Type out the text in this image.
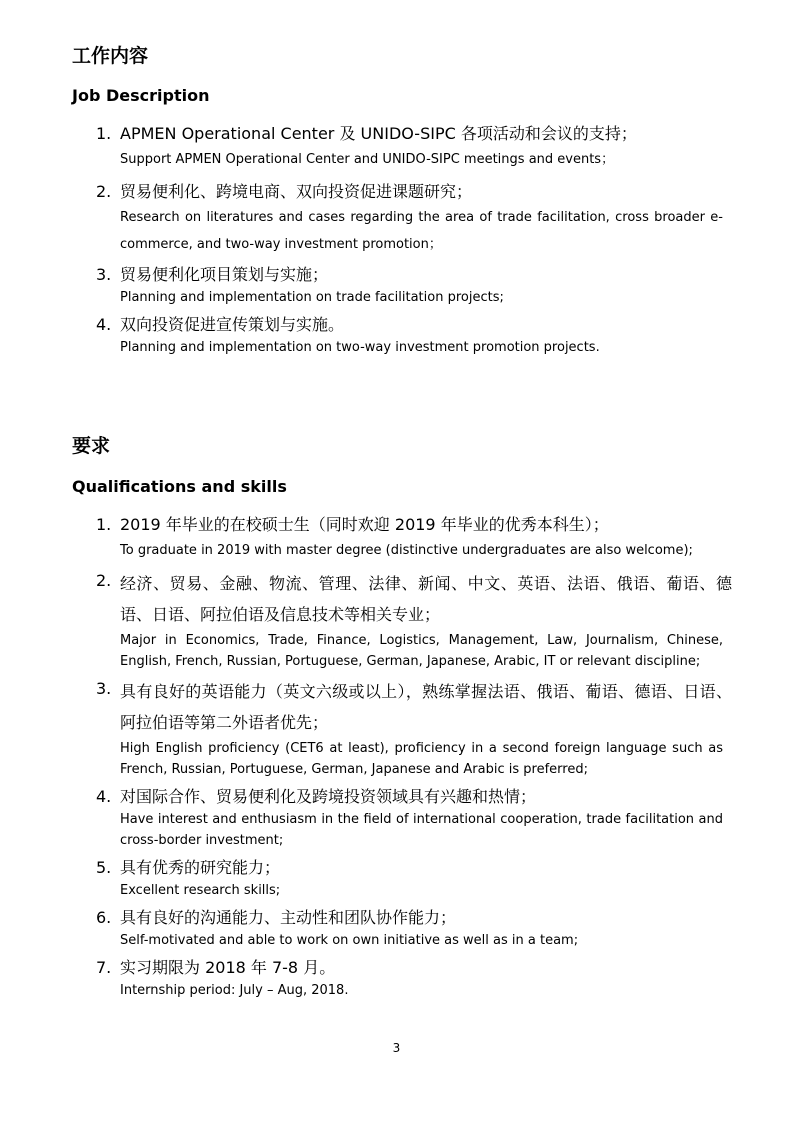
工作内容
Job Description
1. APMEN Operational Center 及 UNIDO-SIPC 各项活动和会议的支持；
Support APMEN Operational Center and UNIDO-SIPC meetings and events；
2. 贸易便利化、跨境电商、双向投资促进课题研究；
Research on literatures and cases regarding the area of trade facilitation, cross broader e-commerce, and two-way investment promotion；
3. 贸易便利化项目策划与实施；
Planning and implementation on trade facilitation projects;
4. 双向投资促进宣传策划与实施。
Planning and implementation on two-way investment promotion projects.
要求
Qualifications and skills
1. 2019 年毕业的在校硕士生（同时欢迎 2019 年毕业的优秀本科生）；
To graduate in 2019 with master degree (distinctive undergraduates are also welcome);
2. 经济、贸易、金融、物流、管理、法律、新闻、中文、英语、法语、俄语、葡语、德语、日语、阿拉伯语及信息技术等相关专业；
Major in Economics, Trade, Finance, Logistics, Management, Law, Journalism, Chinese, English, French, Russian, Portuguese, German, Japanese, Arabic, IT or relevant discipline;
3. 具有良好的英语能力（英文六级或以上），熟练掌握法语、俄语、葡语、德语、日语、阿拉伯语等第二外语者优先；
High English proficiency (CET6 at least), proficiency in a second foreign language such as French, Russian, Portuguese, German, Japanese and Arabic is preferred;
4. 对国际合作、贸易便利化及跨境投资领域具有兴趣和热情；
Have interest and enthusiasm in the field of international cooperation, trade facilitation and cross-border investment;
5. 具有优秀的研究能力；
Excellent research skills;
6. 具有良好的沟通能力、主动性和团队协作能力；
Self-motivated and able to work on own initiative as well as in a team;
7. 实习期限为 2018 年 7-8 月。
Internship period: July – Aug, 2018.
3
